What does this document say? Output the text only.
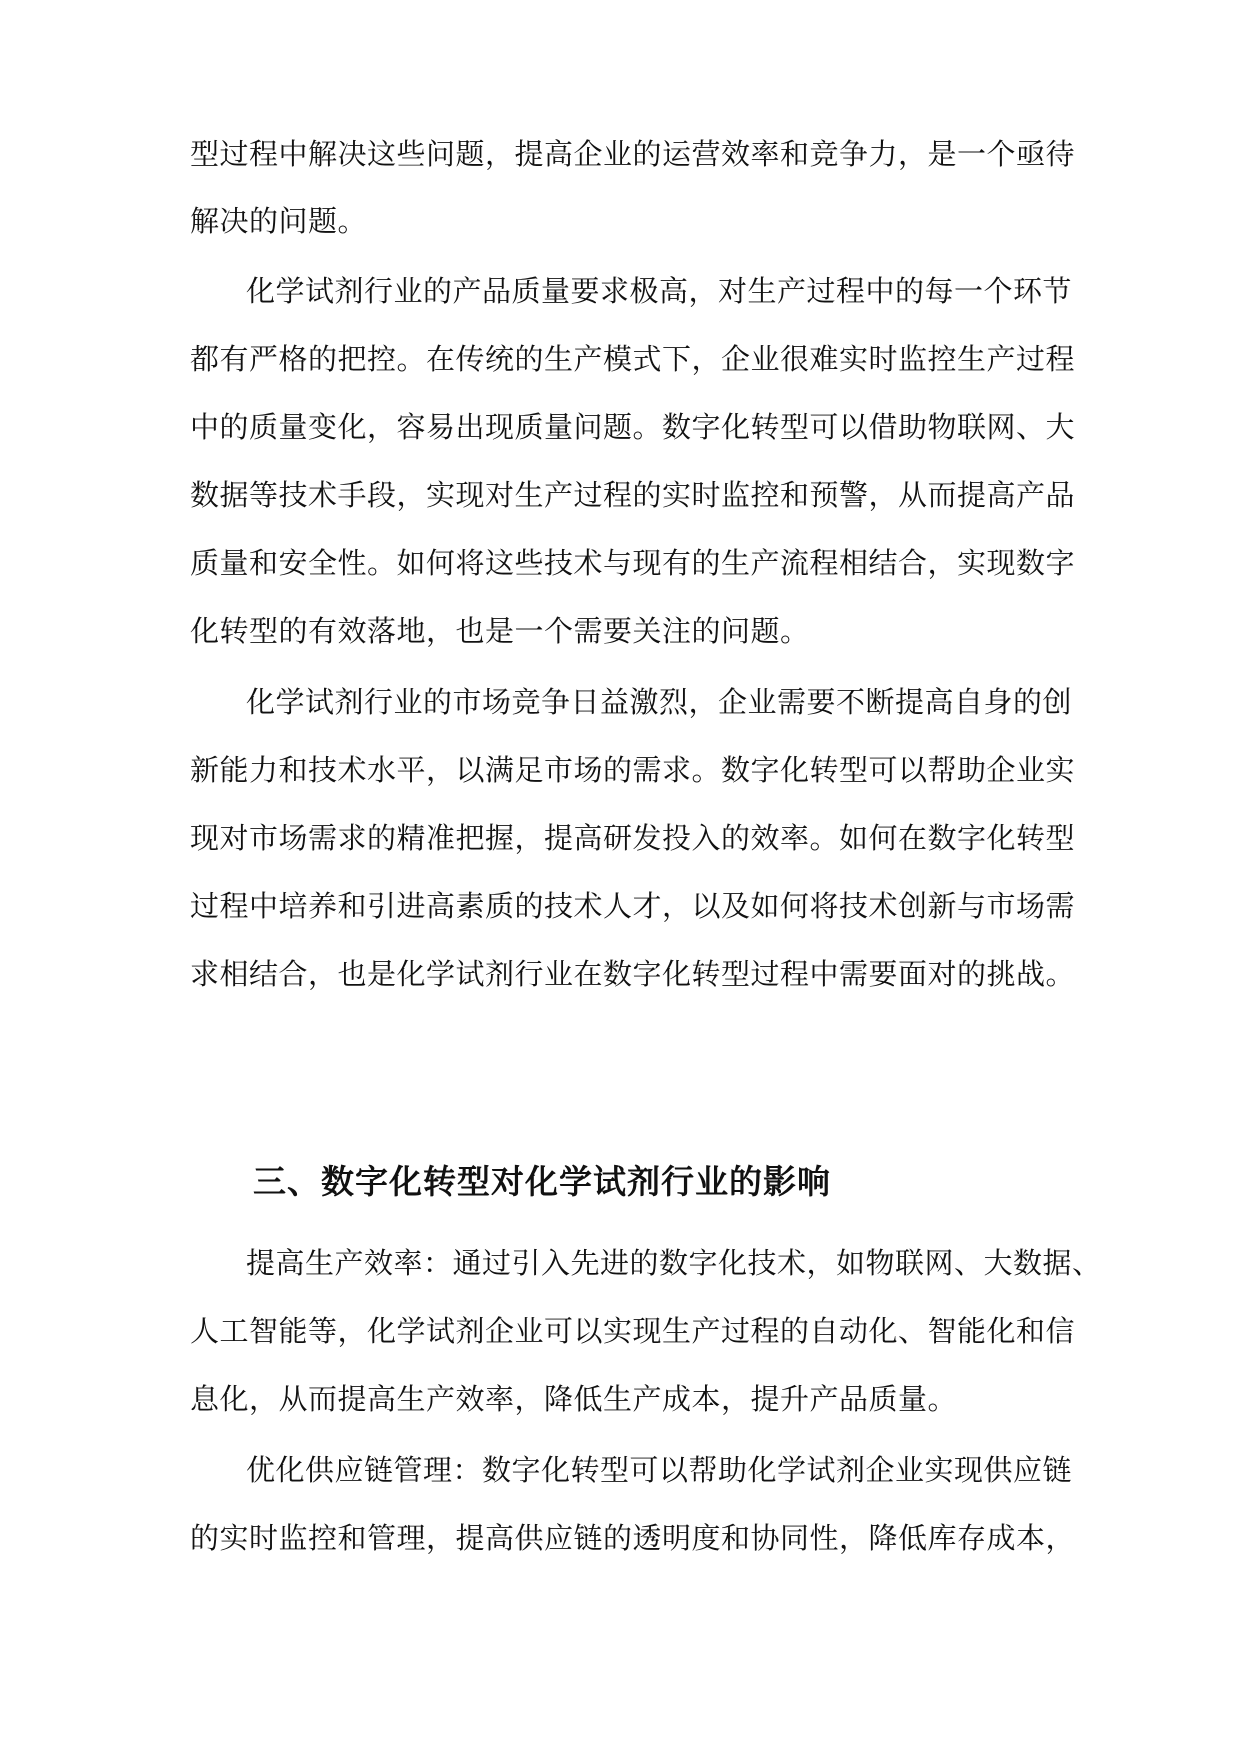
型过程中解决这些问题，提高企业的运营效率和竞争力，是一个亟待
解决的问题。
化学试剂行业的产品质量要求极高，对生产过程中的每一个环节
都有严格的把控。在传统的生产模式下，企业很难实时监控生产过程
中的质量变化，容易出现质量问题。数字化转型可以借助物联网、大
数据等技术手段，实现对生产过程的实时监控和预警，从而提高产品
质量和安全性。如何将这些技术与现有的生产流程相结合，实现数字
化转型的有效落地，也是一个需要关注的问题。
化学试剂行业的市场竞争日益激烈，企业需要不断提高自身的创
新能力和技术水平，以满足市场的需求。数字化转型可以帮助企业实
现对市场需求的精准把握，提高研发投入的效率。如何在数字化转型
过程中培养和引进高素质的技术人才，以及如何将技术创新与市场需
求相结合，也是化学试剂行业在数字化转型过程中需要面对的挑战。
三、数字化转型对化学试剂行业的影响
提高生产效率：通过引入先进的数字化技术，如物联网、大数据、
人工智能等，化学试剂企业可以实现生产过程的自动化、智能化和信
息化，从而提高生产效率，降低生产成本，提升产品质量。
优化供应链管理：数字化转型可以帮助化学试剂企业实现供应链
的实时监控和管理，提高供应链的透明度和协同性，降低库存成本，
